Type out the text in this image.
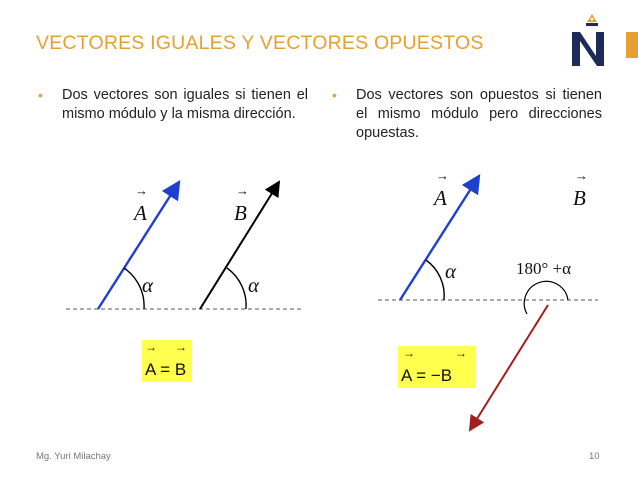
VECTORES IGUALES Y VECTORES OPUESTOS
• Dos vectores son iguales si tienen el mismo módulo y la misma dirección.
• Dos vectores son opuestos si tienen el mismo módulo pero direcciones opuestas.
→
A
→
B
α	α
→
A
→
B
α	180° +α
→ →
A = B
→	→
A = −B
Mg. Yuri Milachay	10
